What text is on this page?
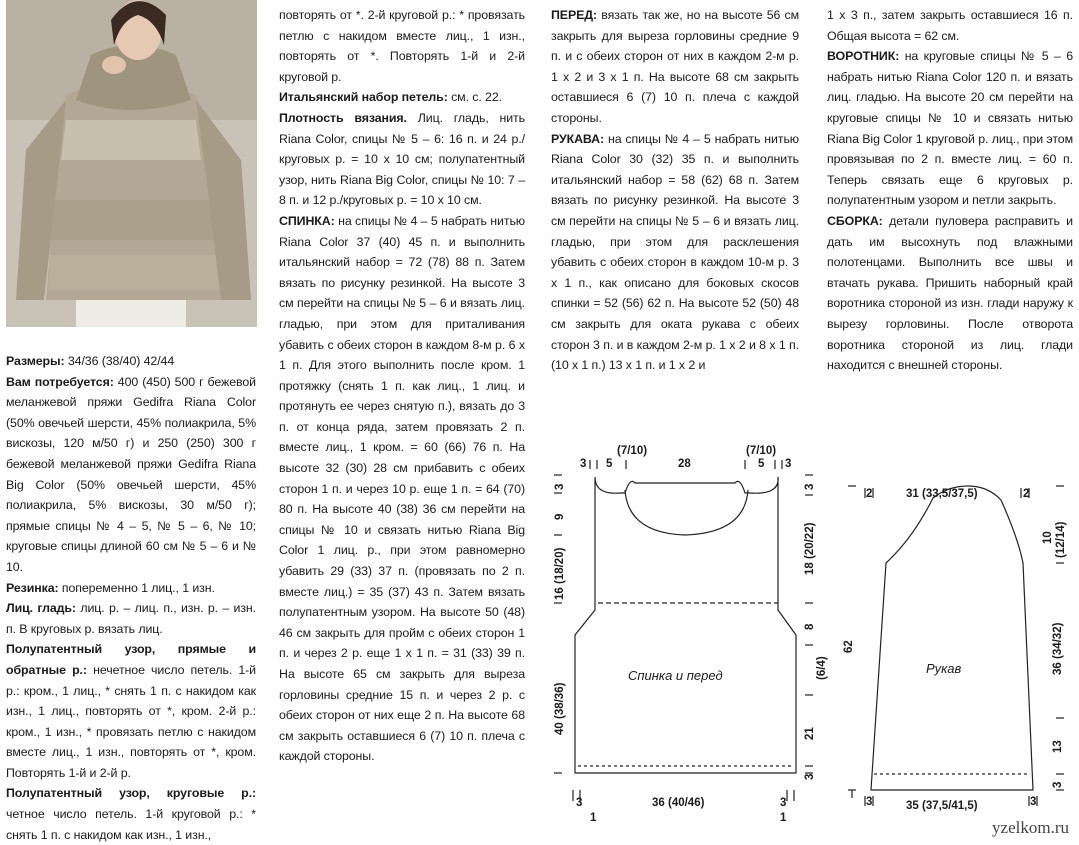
Размеры: 34/36 (38/40) 42/44

Вам потребуется: 400 (450) 500 г бежевой меланжевой пряжи Gedifra Riana Color (50% овечьей шерсти, 45% полиакрила, 5% вискозы, 120 м/50 г) и 250 (250) 300 г бежевой меланжевой пряжи Gedifra Riana Big Color (50% овечьей шерсти, 45% полиакрила, 5% вискозы, 30 м/50 г); прямые спицы № 4 – 5, № 5 – 6, № 10; круговые спицы длиной 60 см № 5 – 6 и № 10.

Резинка: попеременно 1 лиц., 1 изн.

Лиц. гладь: лиц. р. – лиц. п., изн. р. – изн. п. В круговых р. вязать лиц.

Полупатентный узор, прямые и обратные р.: нечетное число петель. 1-й р.: кром., 1 лиц., * снять 1 п. с накидом как изн., 1 лиц., повторять от *, кром. 2-й р.: кром., 1 изн., * провязать петлю с накидом вместе лиц., 1 изн., повторять от *, кром. Повторять 1-й и 2-й р.

Полупатентный узор, круговые р.: четное число петель. 1-й круговой р.: * снять 1 п. с накидом как изн., 1 изн.,

повторять от *. 2-й круговой р.: * провязать петлю с накидом вместе лиц., 1 изн., повторять от *. Повторять 1-й и 2-й круговой р.

Итальянский набор петель: см. с. 22.

Плотность вязания. Лиц. гладь, нить Riana Color, спицы № 5 – 6: 16 п. и 24 р./круговых р. = 10 х 10 см; полупатентный узор, нить Riana Big Color, спицы № 10: 7 – 8 п. и 12 р./круговых р. = 10 х 10 см.

СПИНКА: на спицы № 4 – 5 набрать нитью Riana Color 37 (40) 45 п. и выполнить итальянский набор = 72 (78) 88 п. Затем вязать по рисунку резинкой. На высоте 3 см перейти на спицы № 5 – 6 и вязать лиц. гладью, при этом для приталивания убавить с обеих сторон в каждом 8-м р. 6 х 1 п. Для этого выполнить после кром. 1 протяжку (снять 1 п. как лиц., 1 лиц. и протянуть ее через снятую п.), вязать до 3 п. от конца ряда, затем провязать 2 п. вместе лиц., 1 кром. = 60 (66) 76 п. На высоте 32 (30) 28 см прибавить с обеих сторон 1 п. и через 10 р. еще 1 п. = 64 (70) 80 п. На высоте 40 (38) 36 см перейти на спицы № 10 и связать нитью Riana Big Color 1 лиц. р., при этом равномерно убавить 29 (33) 37 п. (провязать по 2 п. вместе лиц.) = 35 (37) 43 п. Затем вязать полупатентным узором. На высоте 50 (48) 46 см закрыть для пройм с обеих сторон 1 п. и через 2 р. еще 1 х 1 п. = 31 (33) 39 п. На высоте 65 см закрыть для выреза горловины средние 15 п. и через 2 р. с обеих сторон от них еще 2 п. На высоте 68 см закрыть оставшиеся 6 (7) 10 п. плеча с каждой стороны.

ПЕРЕД: вязать так же, но на высоте 56 см закрыть для выреза горловины средние 9 п. и с обеих сторон от них в каждом 2-м р. 1 х 2 и 3 х 1 п. На высоте 68 см закрыть оставшиеся 6 (7) 10 п. плеча с каждой стороны.

РУКАВА: на спицы № 4 – 5 набрать нитью Riana Color 30 (32) 35 п. и выполнить итальянский набор = 58 (62) 68 п. Затем вязать по рисунку резинкой. На высоте 3 см перейти на спицы № 5 – 6 и вязать лиц. гладью, при этом для расклешения убавить с обеих сторон в каждом 10-м р. 3 х 1 п., как описано для боковых скосов спинки = 52 (56) 62 п. На высоте 52 (50) 48 см закрыть для оката рукава с обеих сторон 3 п. и в каждом 2-м р. 1 х 2 и 8 х 1 п. (10 х 1 п.) 13 х 1 п. и 1 х 2 и

1 х 3 п., затем закрыть оставшиеся 16 п. Общая высота = 62 см.

ВОРОТНИК: на круговые спицы № 5 – 6 набрать нитью Riana Color 120 п. и вязать лиц. гладью. На высоте 20 см перейти на круговые спицы № 10 и связать нитью Riana Big Color 1 круговой р. лиц., при этом провязывая по 2 п. вместе лиц. = 60 п. Теперь связать еще 6 круговых р. полупатентным узором и петли закрыть.

СБОРКА: детали пуловера расправить и дать им высохнуть под влажными полотенцами. Выполнить все швы и втачать рукава. Пришить наборный край воротника стороной из изн. глади наружу к вырезу горловины. После отворота воротника стороной из лиц. глади находится с внешней стороны.

(7/10)
3 5	28
(7/10)
5 3
3
9
16 (18/20)
40 (38/36)
3
18 (20/22)
8
(6/4)
21
3
3
1
36 (40/46)	3
1
Спинка и перед
2	31 (33,5/37,5)	2
10 (12/14)
36 (34/32)
13
3
62
3	35 (37,5/41,5)	3
Рукав
yzelkom.ru
